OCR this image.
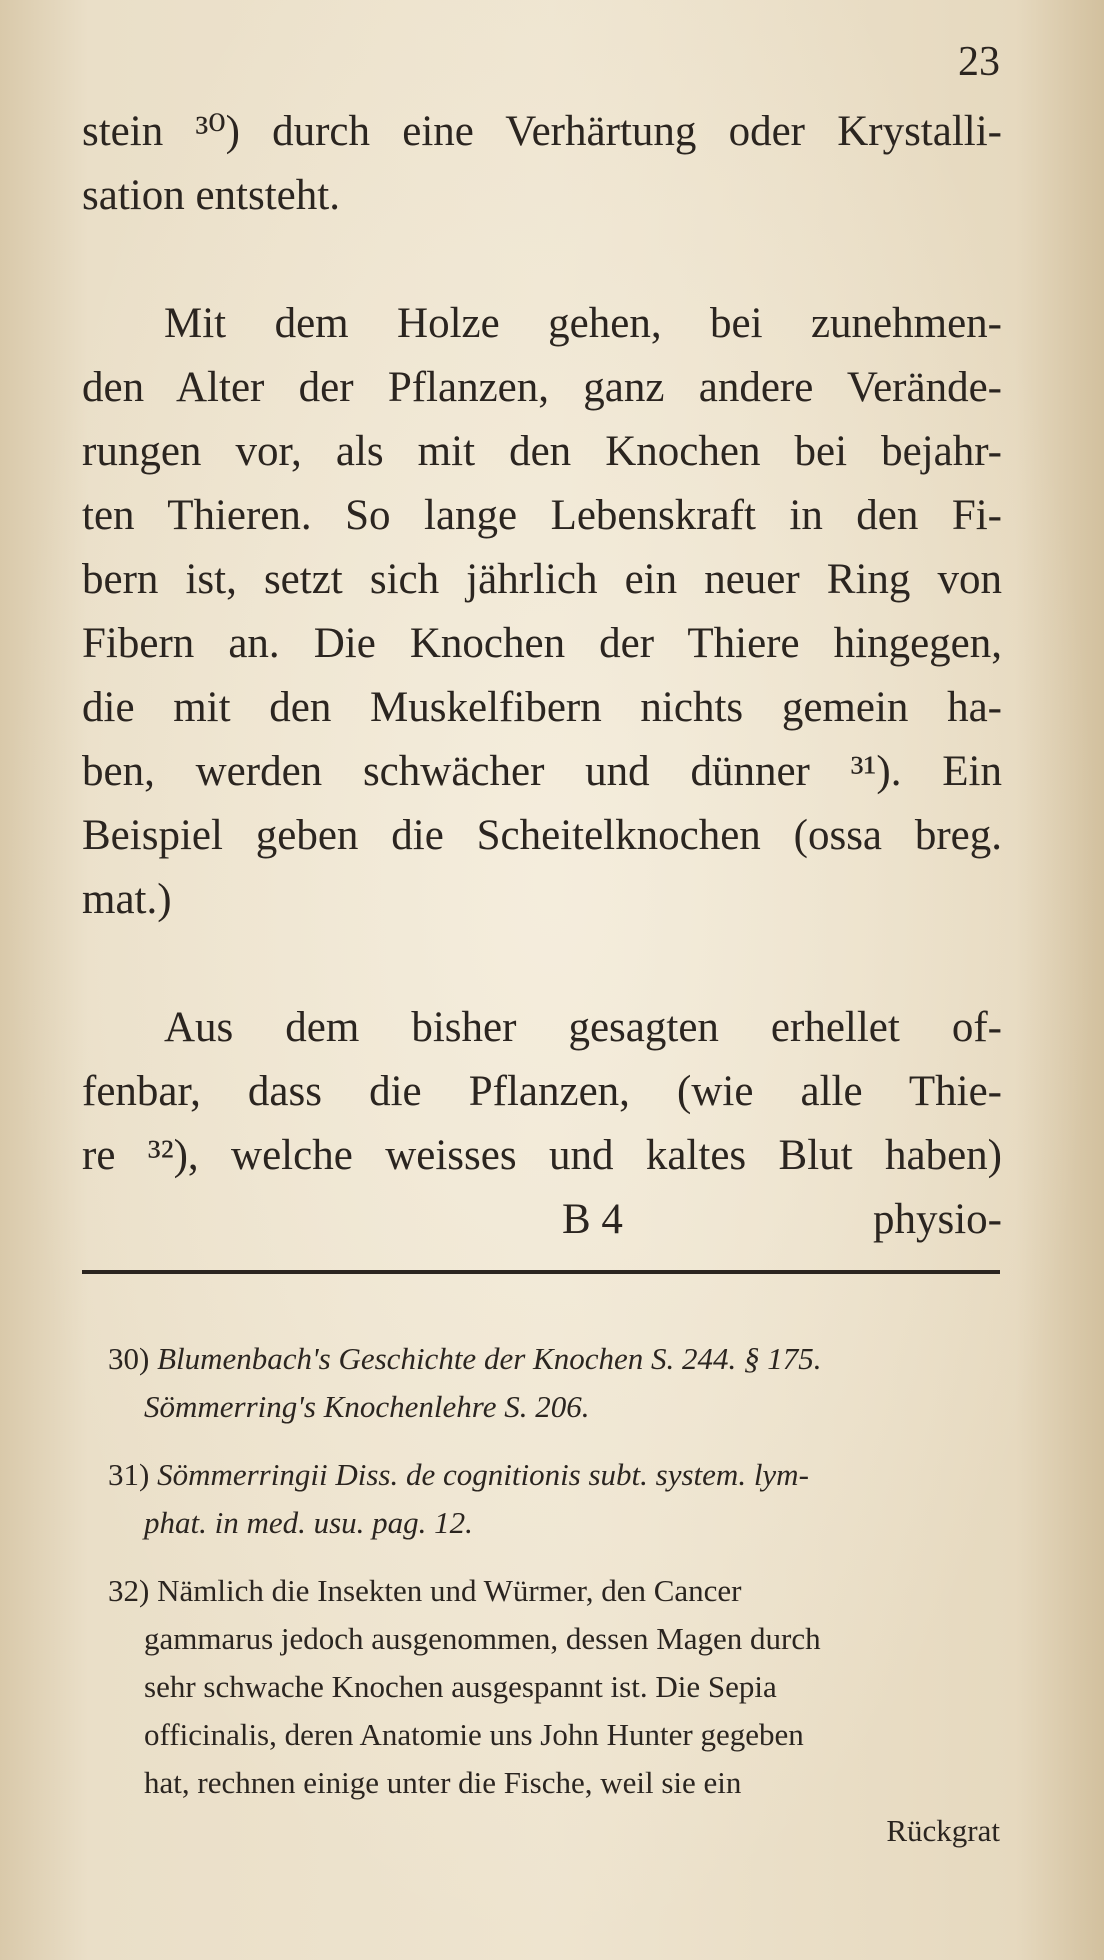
23
stein ³⁰) durch eine Verhärtung oder Krystalli-
sation entsteht.
Mit dem Holze gehen, bei zunehmen-
den Alter der Pflanzen, ganz andere Verände-
rungen vor, als mit den Knochen bei bejahr-
ten Thieren. So lange Lebenskraft in den Fi-
bern ist, setzt sich jährlich ein neuer Ring von
Fibern an. Die Knochen der Thiere hingegen,
die mit den Muskelfibern nichts gemein ha-
ben, werden schwächer und dünner ³¹). Ein
Beispiel geben die Scheitelknochen (ossa breg.
mat.)
Aus dem bisher gesagten erhellet of-
fenbar, dass die Pflanzen, (wie alle Thie-
re ³²), welche weisses und kaltes Blut haben)
B 4	physio-
30) Blumenbach's Geschichte der Knochen S. 244. § 175.
Sömmerring's Knochenlehre S. 206.
31) Sömmerringii Diss. de cognitionis subt. system. lym-
phat. in med. usu. pag. 12.
32) Nämlich die Insekten und Würmer, den Cancer
gammarus jedoch ausgenommen, dessen Magen durch
sehr schwache Knochen ausgespannt ist. Die Sepia
officinalis, deren Anatomie uns John Hunter gegeben
hat, rechnen einige unter die Fische, weil sie ein
Rückgrat
